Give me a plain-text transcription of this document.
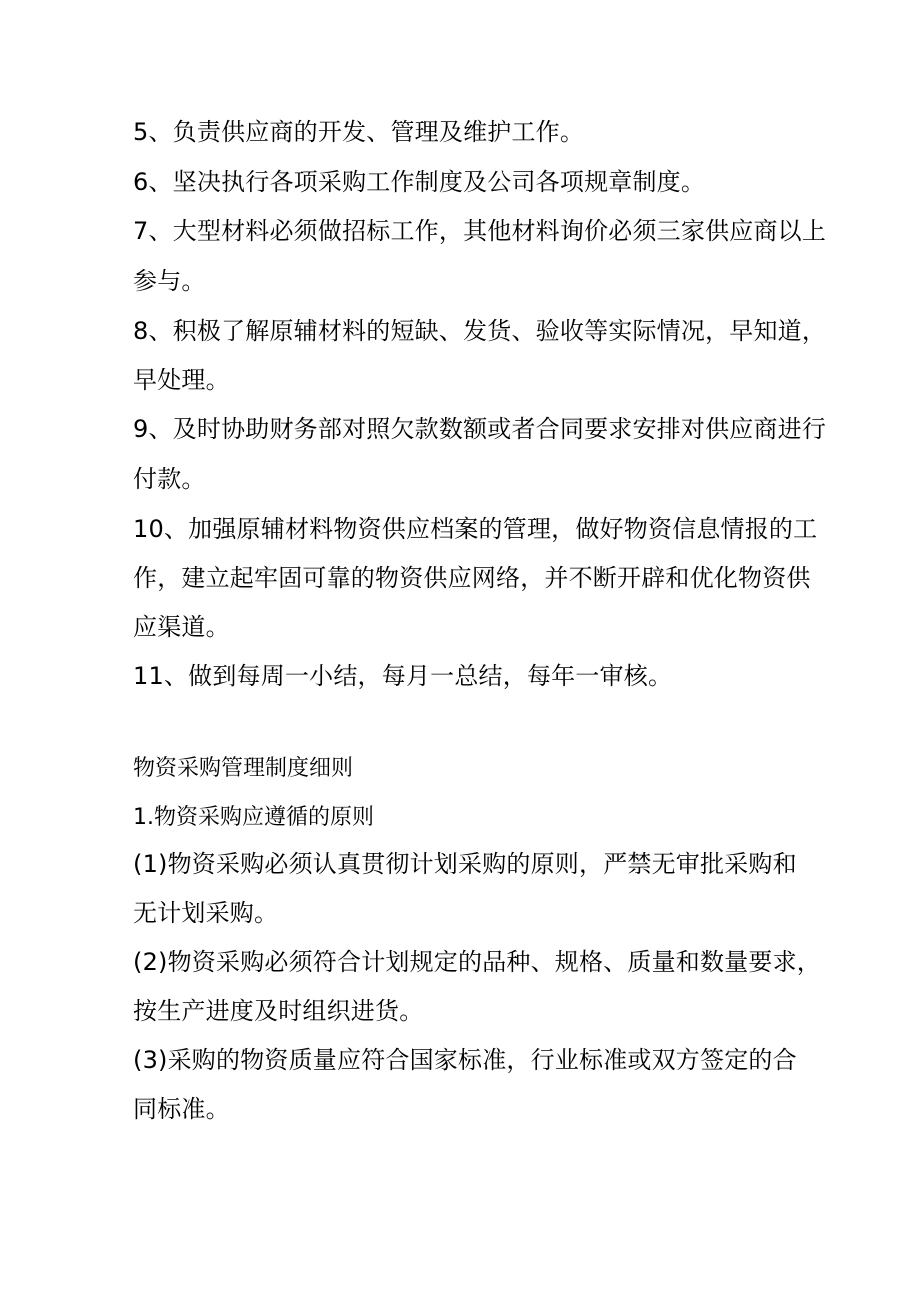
5、负责供应商的开发、管理及维护工作。
6、坚决执行各项采购工作制度及公司各项规章制度。
7、大型材料必须做招标工作，其他材料询价必须三家供应商以上
参与。
8、积极了解原辅材料的短缺、发货、验收等实际情况，早知道，
早处理。
9、及时协助财务部对照欠款数额或者合同要求安排对供应商进行
付款。
10、加强原辅材料物资供应档案的管理，做好物资信息情报的工
作，建立起牢固可靠的物资供应网络，并不断开辟和优化物资供
应渠道。
11、做到每周一小结，每月一总结，每年一审核。
物资采购管理制度细则
1.物资采购应遵循的原则
(1)物资采购必须认真贯彻计划采购的原则，严禁无审批采购和
无计划采购。
(2)物资采购必须符合计划规定的品种、规格、质量和数量要求，
按生产进度及时组织进货。
(3)采购的物资质量应符合国家标准，行业标准或双方签定的合
同标准。
